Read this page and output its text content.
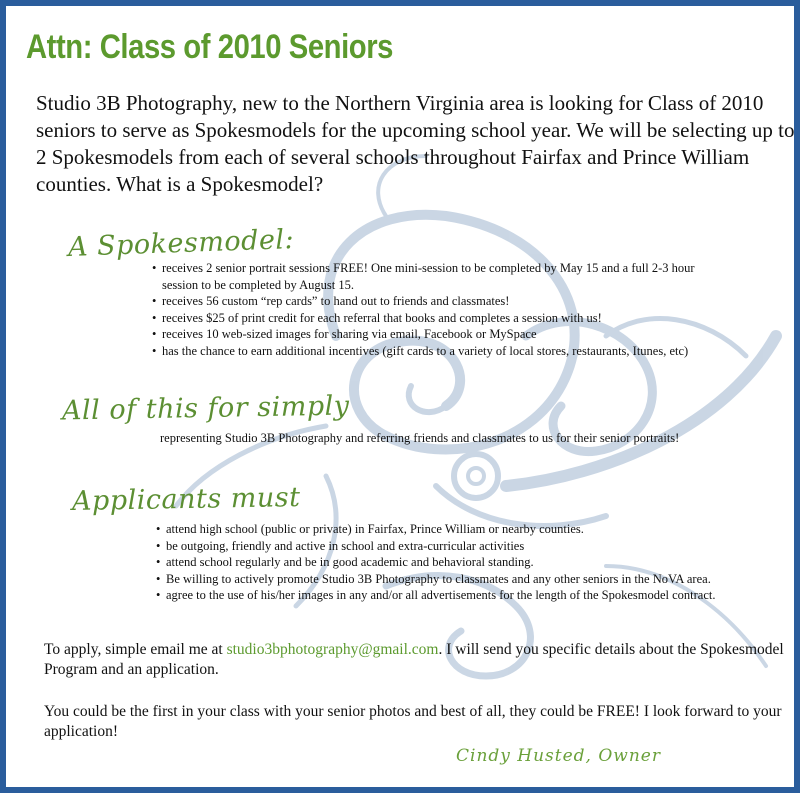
Attn: Class of 2010 Seniors

Studio 3B Photography, new to the Northern Virginia area is looking for Class of 2010 seniors to serve as Spokesmodels for the upcoming school year. We will be selecting up to 2 Spokesmodels from each of several schools throughout Fairfax and Prince William counties. What is a Spokesmodel?

A Spokesmodel:
• receives 2 senior portrait sessions FREE! One mini-session to be completed by May 15 and a full 2-3 hour session to be completed by August 15.
• receives 56 custom “rep cards” to hand out to friends and classmates!
• receives $25 of print credit for each referral that books and completes a session with us!
• receives 10 web-sized images for sharing via email, Facebook or MySpace
• has the chance to earn additional incentives (gift cards to a variety of local stores, restaurants, Itunes, etc)
All of this for simply

representing Studio 3B Photography and referring friends and classmates to us for their senior portraits!

Applicants must
• attend high school (public or private) in Fairfax, Prince William or nearby counties.
• be outgoing, friendly and active in school and extra-curricular activities
• attend school regularly and be in good academic and behavioral standing.
• Be willing to actively promote Studio 3B Photography to classmates and any other seniors in the NoVA area.
• agree to the use of his/her images in any and/or all advertisements for the length of the Spokesmodel contract.

To apply, simple email me at studio3bphotography@gmail.com. I will send you specific details about the Spokesmodel Program and an application.

You could be the first in your class with your senior photos and best of all, they could be FREE! I look forward to your application!

Cindy Husted, Owner
